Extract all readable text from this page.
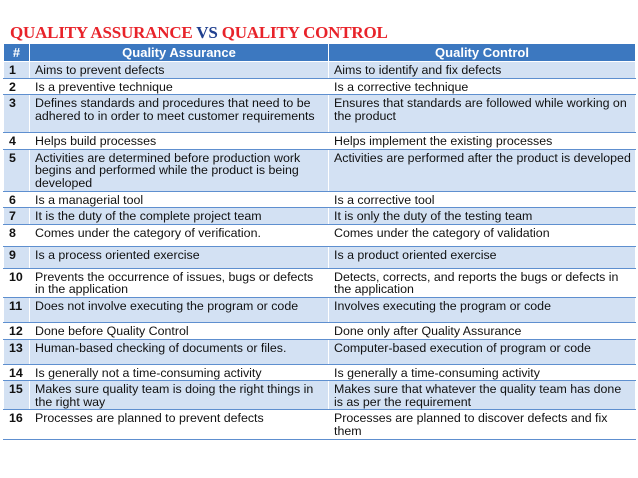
QUALITY ASSURANCE VS QUALITY CONTROL
#	Quality Assurance	Quality Control
1	Aims to prevent defects	Aims to identify and fix defects
2	Is a preventive technique	Is a corrective technique
3	Defines standards and procedures that need to be adhered to in order to meet customer requirements	Ensures that standards are followed while working on the product
4	Helps build processes	Helps implement the existing processes
5	Activities are determined before production work begins and performed while the product is being developed	Activities are performed after the product is developed
6	Is a managerial tool	Is a corrective tool
7	It is the duty of the complete project team	It is only the duty of the testing team
8	Comes under the category of verification.	Comes under the category of validation
9	Is a process oriented exercise	Is a product oriented exercise
10	Prevents the occurrence of issues, bugs or defects in the application	Detects, corrects, and reports the bugs or defects in the application
11	Does not involve executing the program or code	Involves executing the program or code
12	Done before Quality Control	Done only after Quality Assurance
13	Human-based checking of documents or files.	Computer-based execution of program or code
14	Is generally not a time-consuming activity	Is generally a time-consuming activity
15	Makes sure quality team is doing the right things in the right way	Makes sure that whatever the quality team has done is as per the requirement
16	Processes are planned to prevent defects	Processes are planned to discover defects and fix them
